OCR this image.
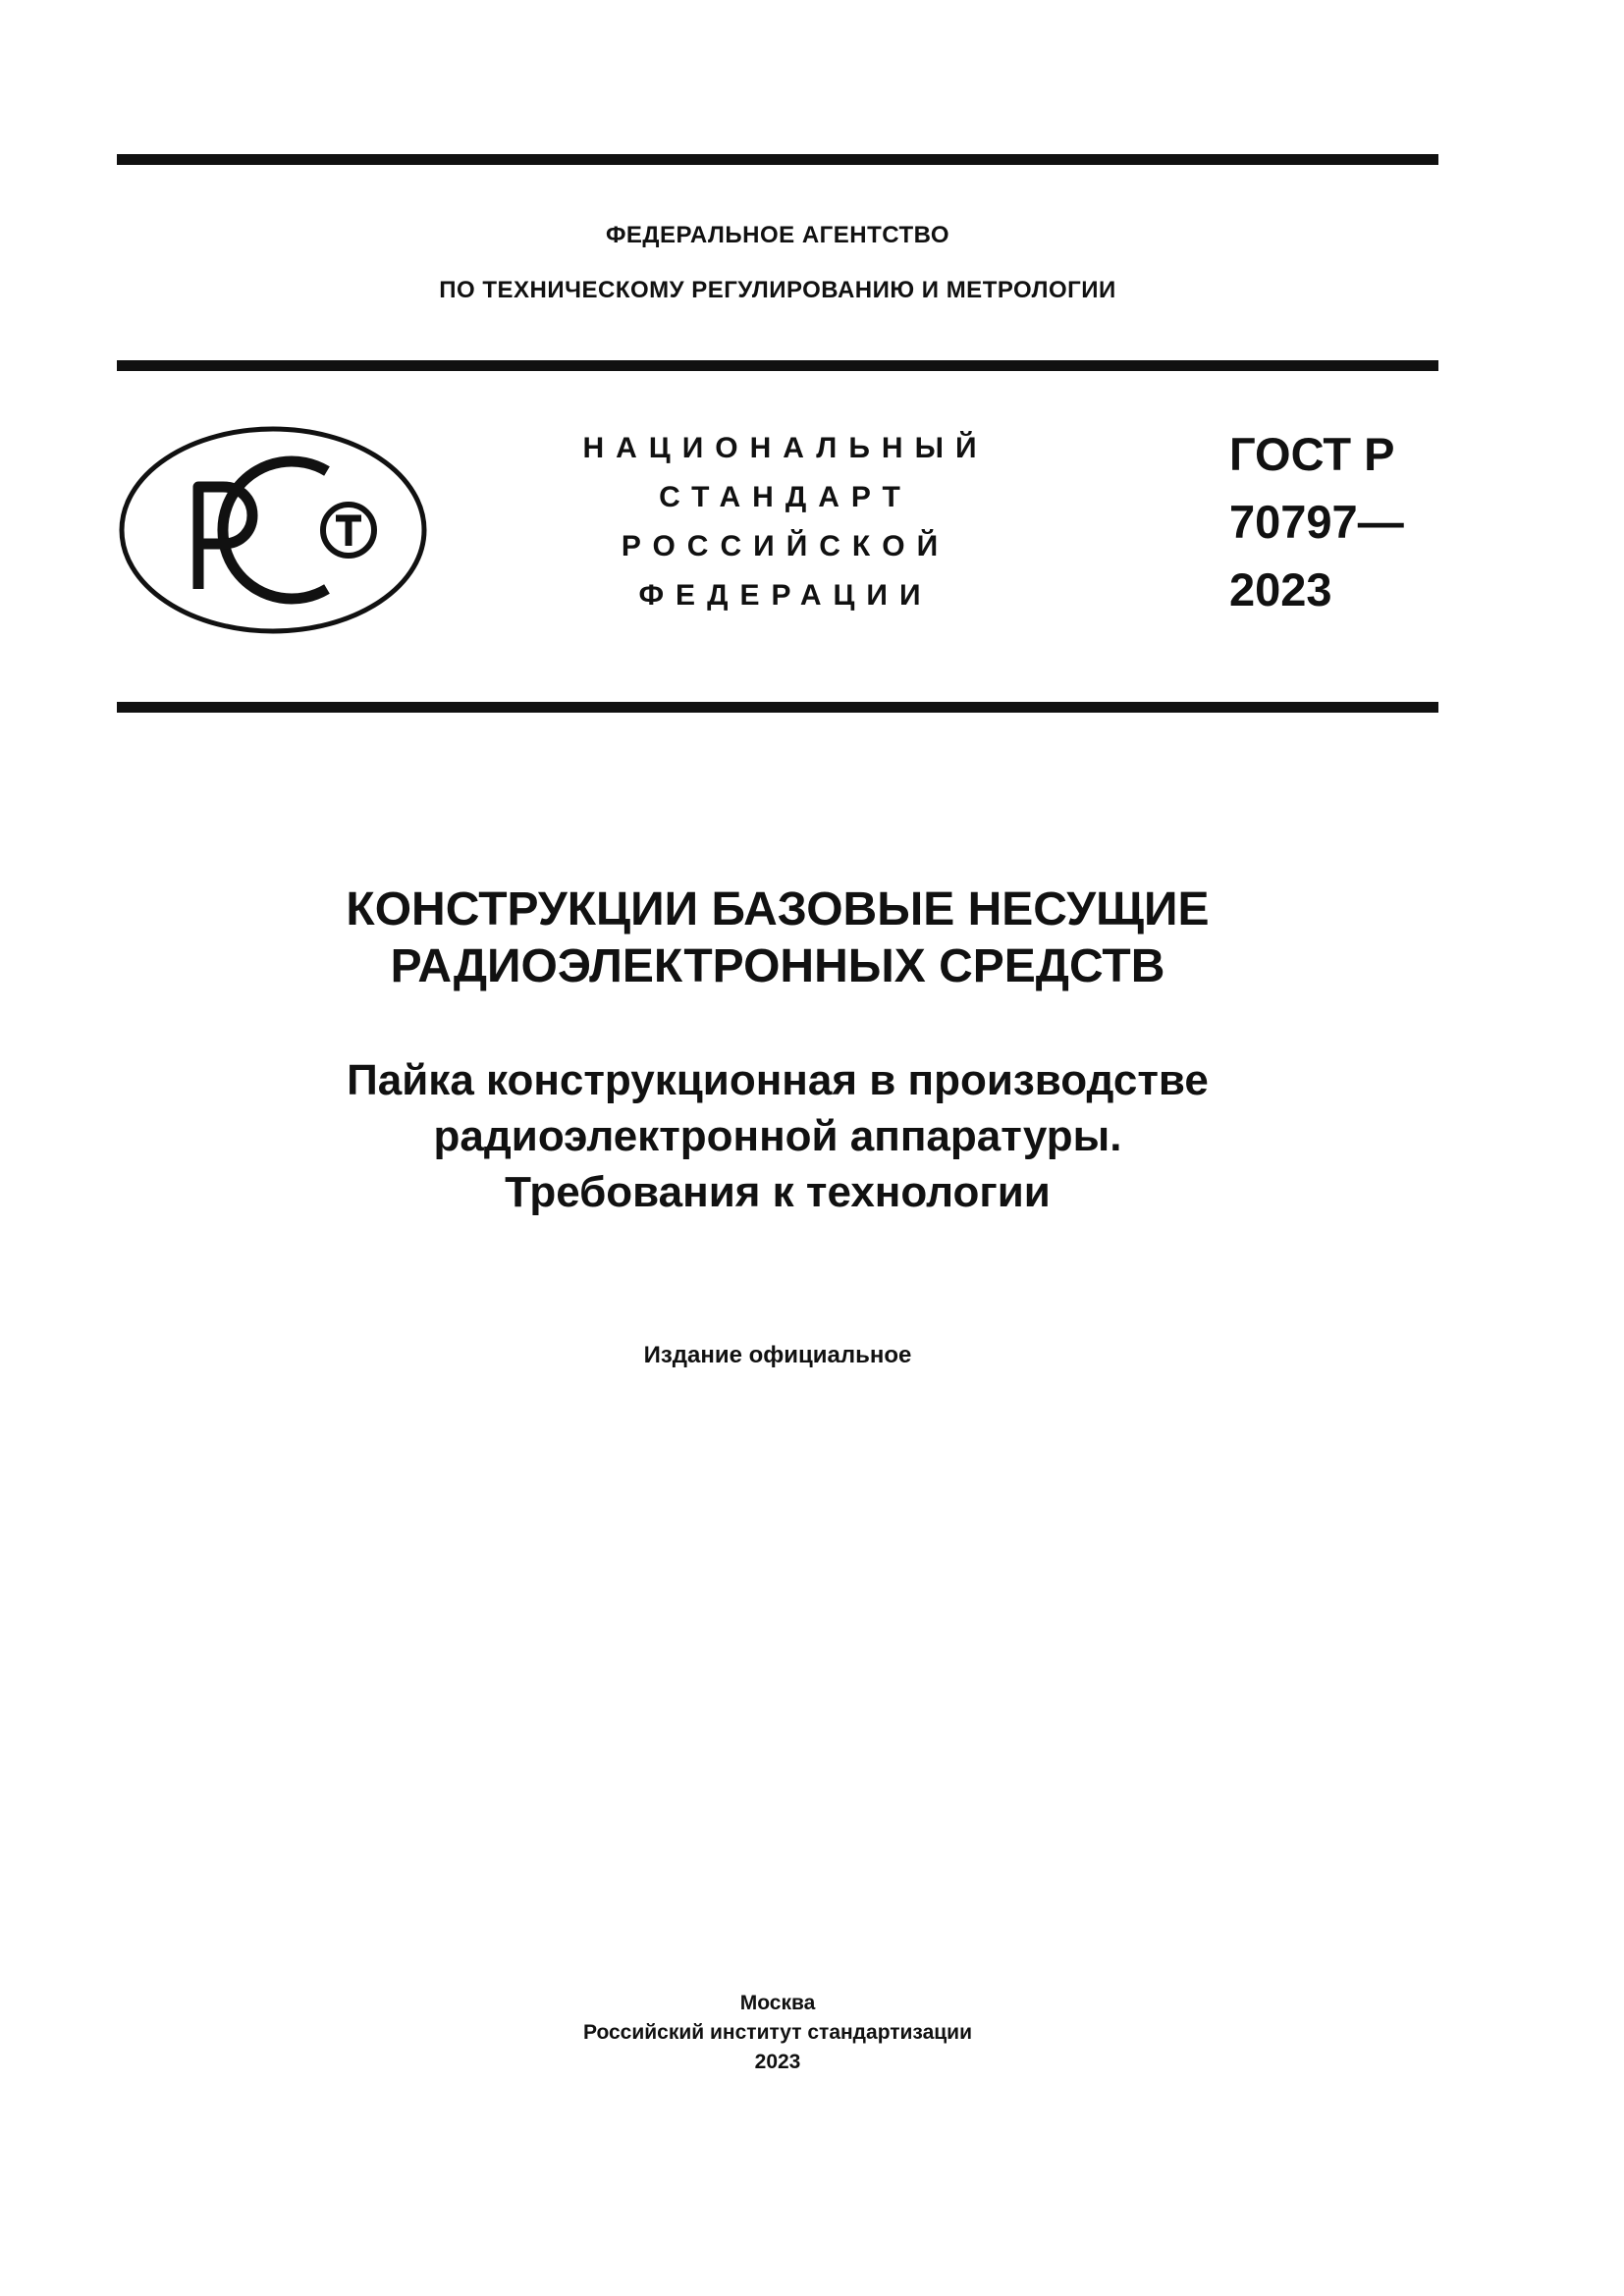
ФЕДЕРАЛЬНОЕ АГЕНТСТВО
ПО ТЕХНИЧЕСКОМУ РЕГУЛИРОВАНИЮ И МЕТРОЛОГИИ
НАЦИОНАЛЬНЫЙ
СТАНДАРТ
РОССИЙСКОЙ
ФЕДЕРАЦИИ
ГОСТ Р
70797—
2023
КОНСТРУКЦИИ БАЗОВЫЕ НЕСУЩИЕ
РАДИОЭЛЕКТРОННЫХ СРЕДСТВ
Пайка конструкционная в производстве
радиоэлектронной аппаратуры.
Требования к технологии
Издание официальное
Москва
Российский институт стандартизации
2023
